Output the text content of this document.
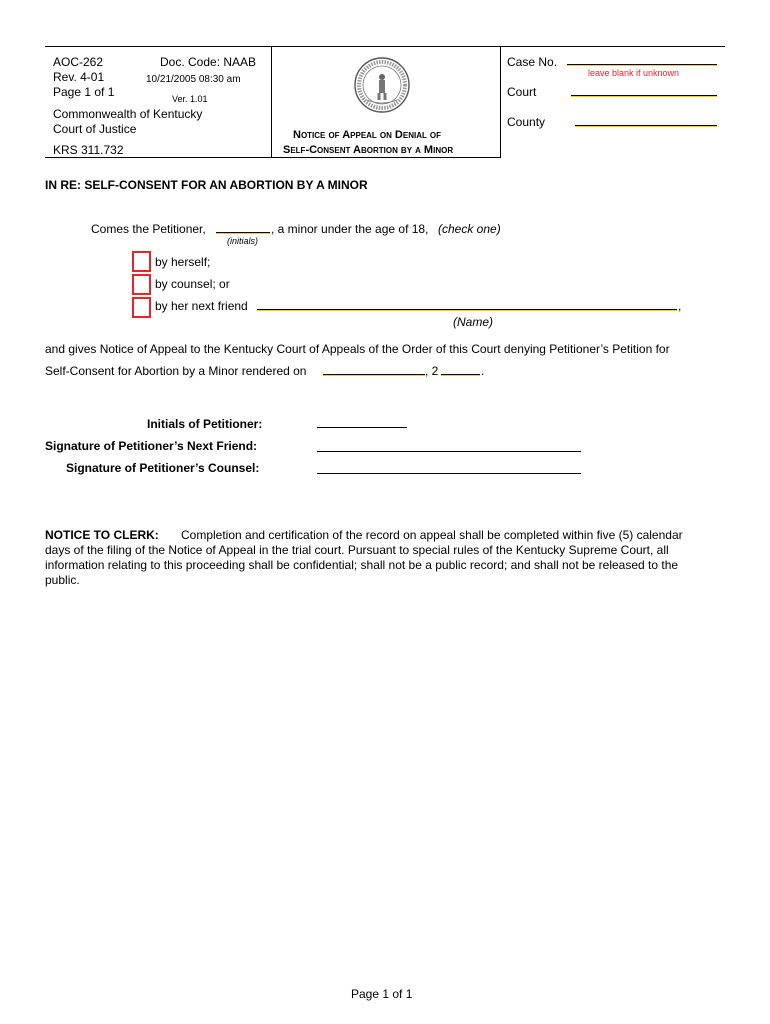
AOC-262
Rev. 4-01
Page 1 of 1
Doc. Code: NAAB
10/21/2005 08:30 am
Ver. 1.01
Commonwealth of Kentucky
Court of Justice
KRS 311.732
Notice of Appeal on Denial of
Self-Consent Abortion by a Minor
Case No.
leave blank if unknown
Court
County
IN RE: SELF-CONSENT FOR AN ABORTION BY A MINOR
Comes the Petitioner,	, a minor under the age of 18, (check one)
(initials)
by herself;
by counsel; or
by her next friend	,
(Name)
and gives Notice of Appeal to the Kentucky Court of Appeals of the Order of this Court denying Petitioner’s Petition for
Self-Consent for Abortion by a Minor rendered on	, 2	.
Initials of Petitioner:
Signature of Petitioner’s Next Friend:
Signature of Petitioner’s Counsel:
NOTICE TO CLERK: Completion and certification of the record on appeal shall be completed within five (5) calendar
days of the filing of the Notice of Appeal in the trial court. Pursuant to special rules of the Kentucky Supreme Court, all
information relating to this proceeding shall be confidential; shall not be a public record; and shall not be released to the
public.
Page 1 of 1
